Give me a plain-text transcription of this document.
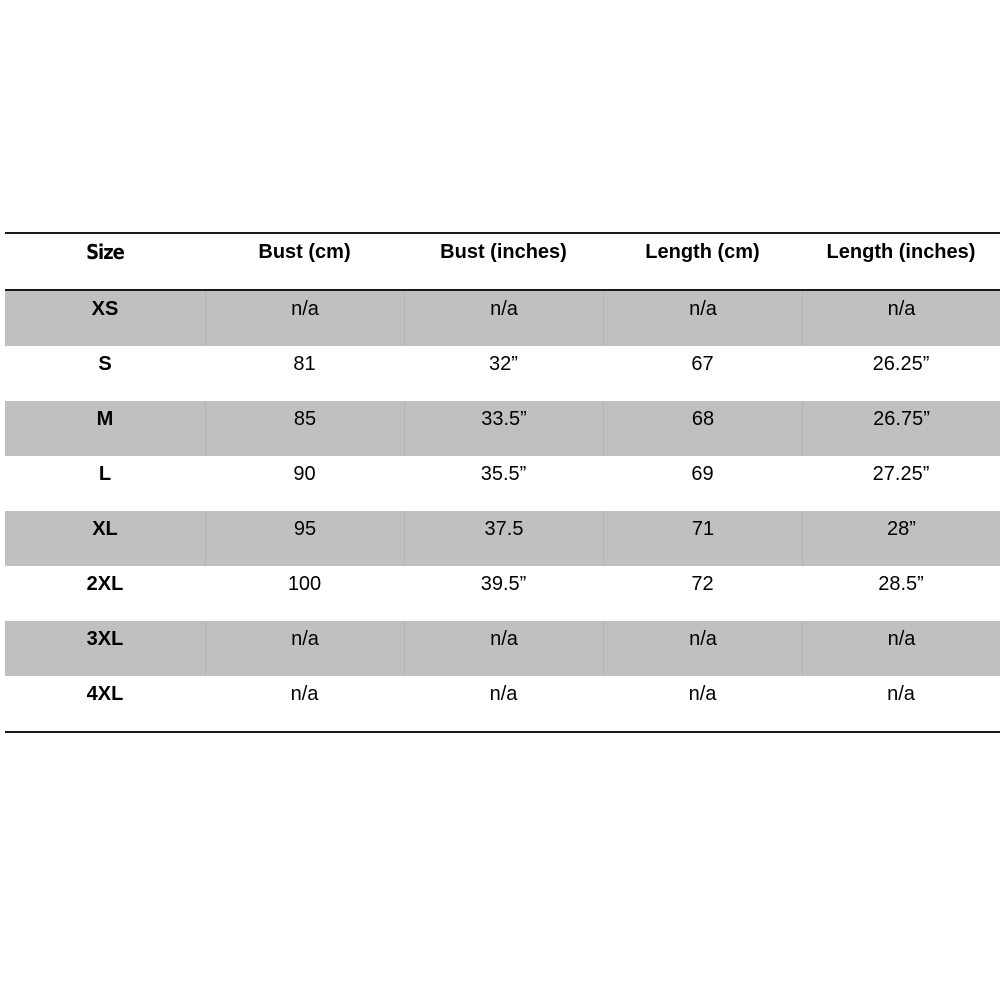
Size	Bust (cm)	Bust (inches)	Length (cm)	Length (inches)
XS	n/a	n/a	n/a	n/a
S	81	32”	67	26.25”
M	85	33.5”	68	26.75”
L	90	35.5”	69	27.25”
XL	95	37.5	71	28”
2XL	100	39.5”	72	28.5”
3XL	n/a	n/a	n/a	n/a
4XL	n/a	n/a	n/a	n/a
